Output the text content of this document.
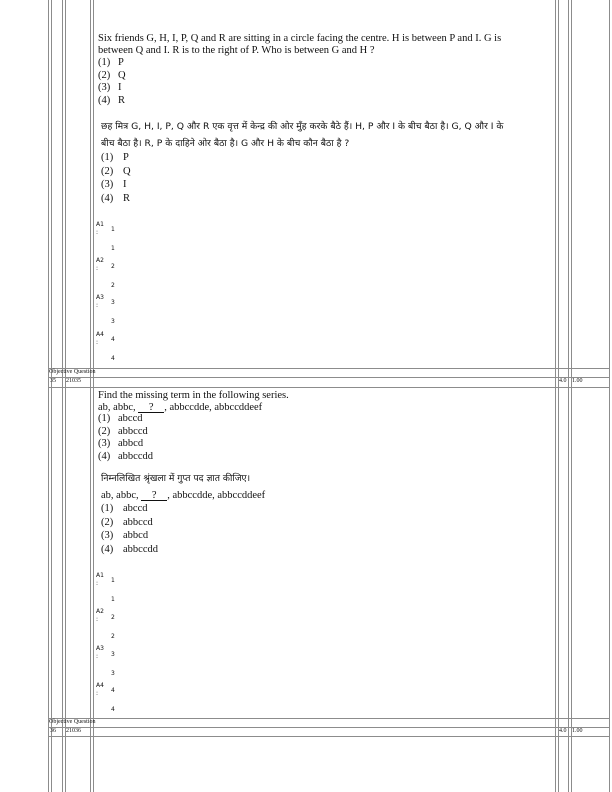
Six friends G, H, I, P, Q and R are sitting in a circle facing the centre. H is between P and I. G is
between Q and I. R is to the right of P. Who is between G and H ?
(1) P
(2) Q
(3) I
(4) R
छह मित्र G, H, I, P, Q और R एक वृत्त में केन्द्र की ओर मुँह करके बैठे हैं। H, P और I के बीच बैठा है। G, Q और I के
बीच बैठा है। R, P के दाहिने ओर बैठा है। G और H के बीच कौन बैठा है ?
(1) P
(2) Q
(3) I
(4) R
A1
:	1
1
A2
:	2
2
A3
:	3
3
A4
:	4
4
Objective Question
35 21035	4.0 1.00
Find the missing term in the following series.
ab, abbc, ? , abbccdde, abbccddeef
(1) abccd
(2) abbccd
(3) abbcd
(4) abbccdd
निम्नलिखित श्रृंखला में गुप्त पद ज्ञात कीजिए।
ab, abbc, ? , abbccdde, abbccddeef
(1) abccd
(2) abbccd
(3) abbcd
(4) abbccdd
A1
:	1
1
A2
:	2
2
A3
:	3
3
A4
:	4
4
Objective Question
36 21036	4.0 1.00
